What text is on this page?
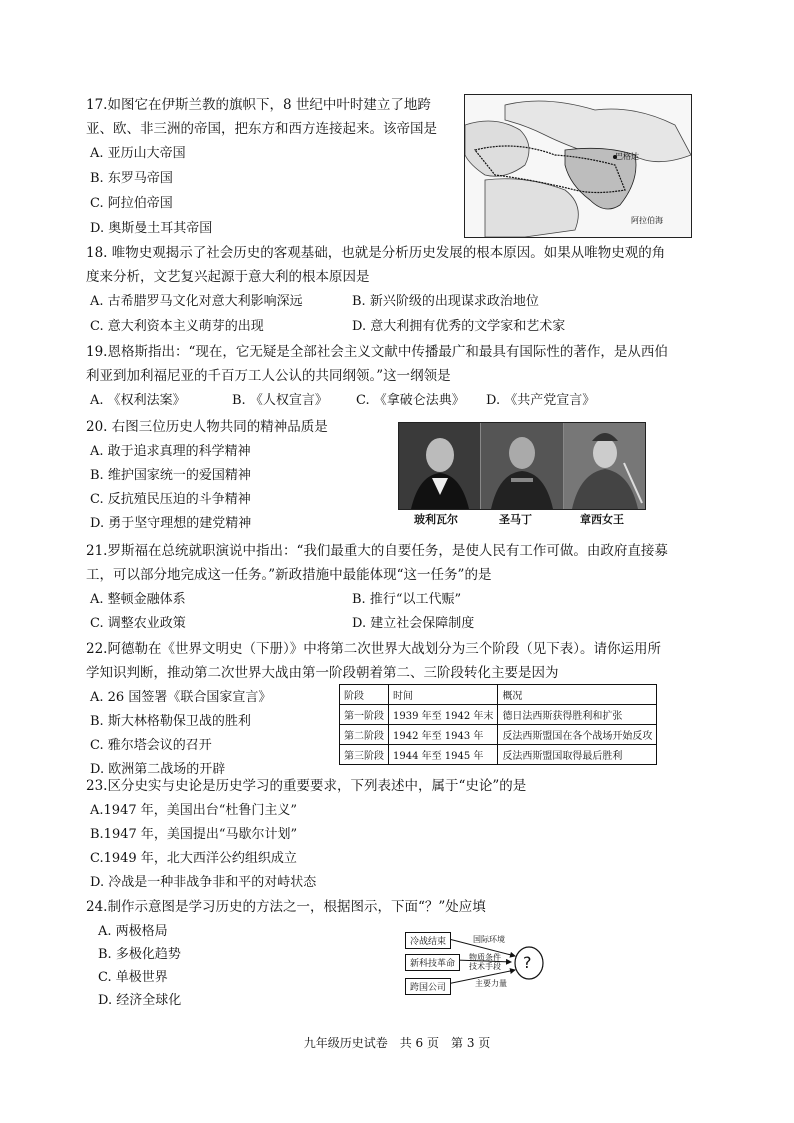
17.如图它在伊斯兰教的旗帜下，8 世纪中叶时建立了地跨
亚、欧、非三洲的帝国，把东方和西方连接起来。该帝国是
A. 亚历山大帝国
B. 东罗马帝国
C. 阿拉伯帝国
D. 奥斯曼土耳其帝国
巴格达
阿拉伯海
18. 唯物史观揭示了社会历史的客观基础，也就是分析历史发展的根本原因。如果从唯物史观的角
度来分析，文艺复兴起源于意大利的根本原因是
A. 古希腊罗马文化对意大利影响深远	B. 新兴阶级的出现谋求政治地位
C. 意大利资本主义萌芽的出现	D. 意大利拥有优秀的文学家和艺术家
19.恩格斯指出：“现在，它无疑是全部社会主义文献中传播最广和最具有国际性的著作，是从西伯
利亚到加利福尼亚的千百万工人公认的共同纲领。”这一纲领是
A. 《权利法案》	B. 《人权宣言》 C. 《拿破仑法典》 D. 《共产党宣言》
20. 右图三位历史人物共同的精神品质是
A. 敢于追求真理的科学精神
B. 维护国家统一的爱国精神
C. 反抗殖民压迫的斗争精神
D. 勇于坚守理想的建党精神	玻利瓦尔	圣马丁	章西女王
21.罗斯福在总统就职演说中指出：“我们最重大的自要任务，是使人民有工作可做。由政府直接募
工，可以部分地完成这一任务。”新政措施中最能体现“这一任务”的是
A. 整顿金融体系	B. 推行“以工代赈”
C. 调整农业政策	D. 建立社会保障制度
22.阿德勒在《世界文明史（下册）》中将第二次世界大战划分为三个阶段（见下表）。请你运用所
学知识判断，推动第二次世界大战由第一阶段朝着第二、三阶段转化主要是因为
A. 26 国签署《联合国家宣言》
B. 斯大林格勒保卫战的胜利
C. 雅尔塔会议的召开
D. 欧洲第二战场的开辟
阶段	时间	概况
第一阶段	1939 年至 1942 年末	德日法西斯获得胜利和扩张
第二阶段	1942 年至 1943 年	反法西斯盟国在各个战场开始反攻
第三阶段	1944 年至 1945 年	反法西斯盟国取得最后胜利
23.区分史实与史论是历史学习的重要要求，下列表述中，属于“史论”的是
A.1947 年，美国出台“杜鲁门主义”
B.1947 年，美国提出“马歇尔计划”
C.1949 年，北大西洋公约组织成立
D. 冷战是一种非战争非和平的对峙状态
24.制作示意图是学习历史的方法之一，根据图示，下面“？”处应填
A. 两极格局
B. 多极化趋势
C. 单极世界
D. 经济全球化
冷战结束
新科技革命
跨国公司
国际环境
物质条件
技术手段
主要力量
?
九年级历史试卷　共 6 页　第 3 页
